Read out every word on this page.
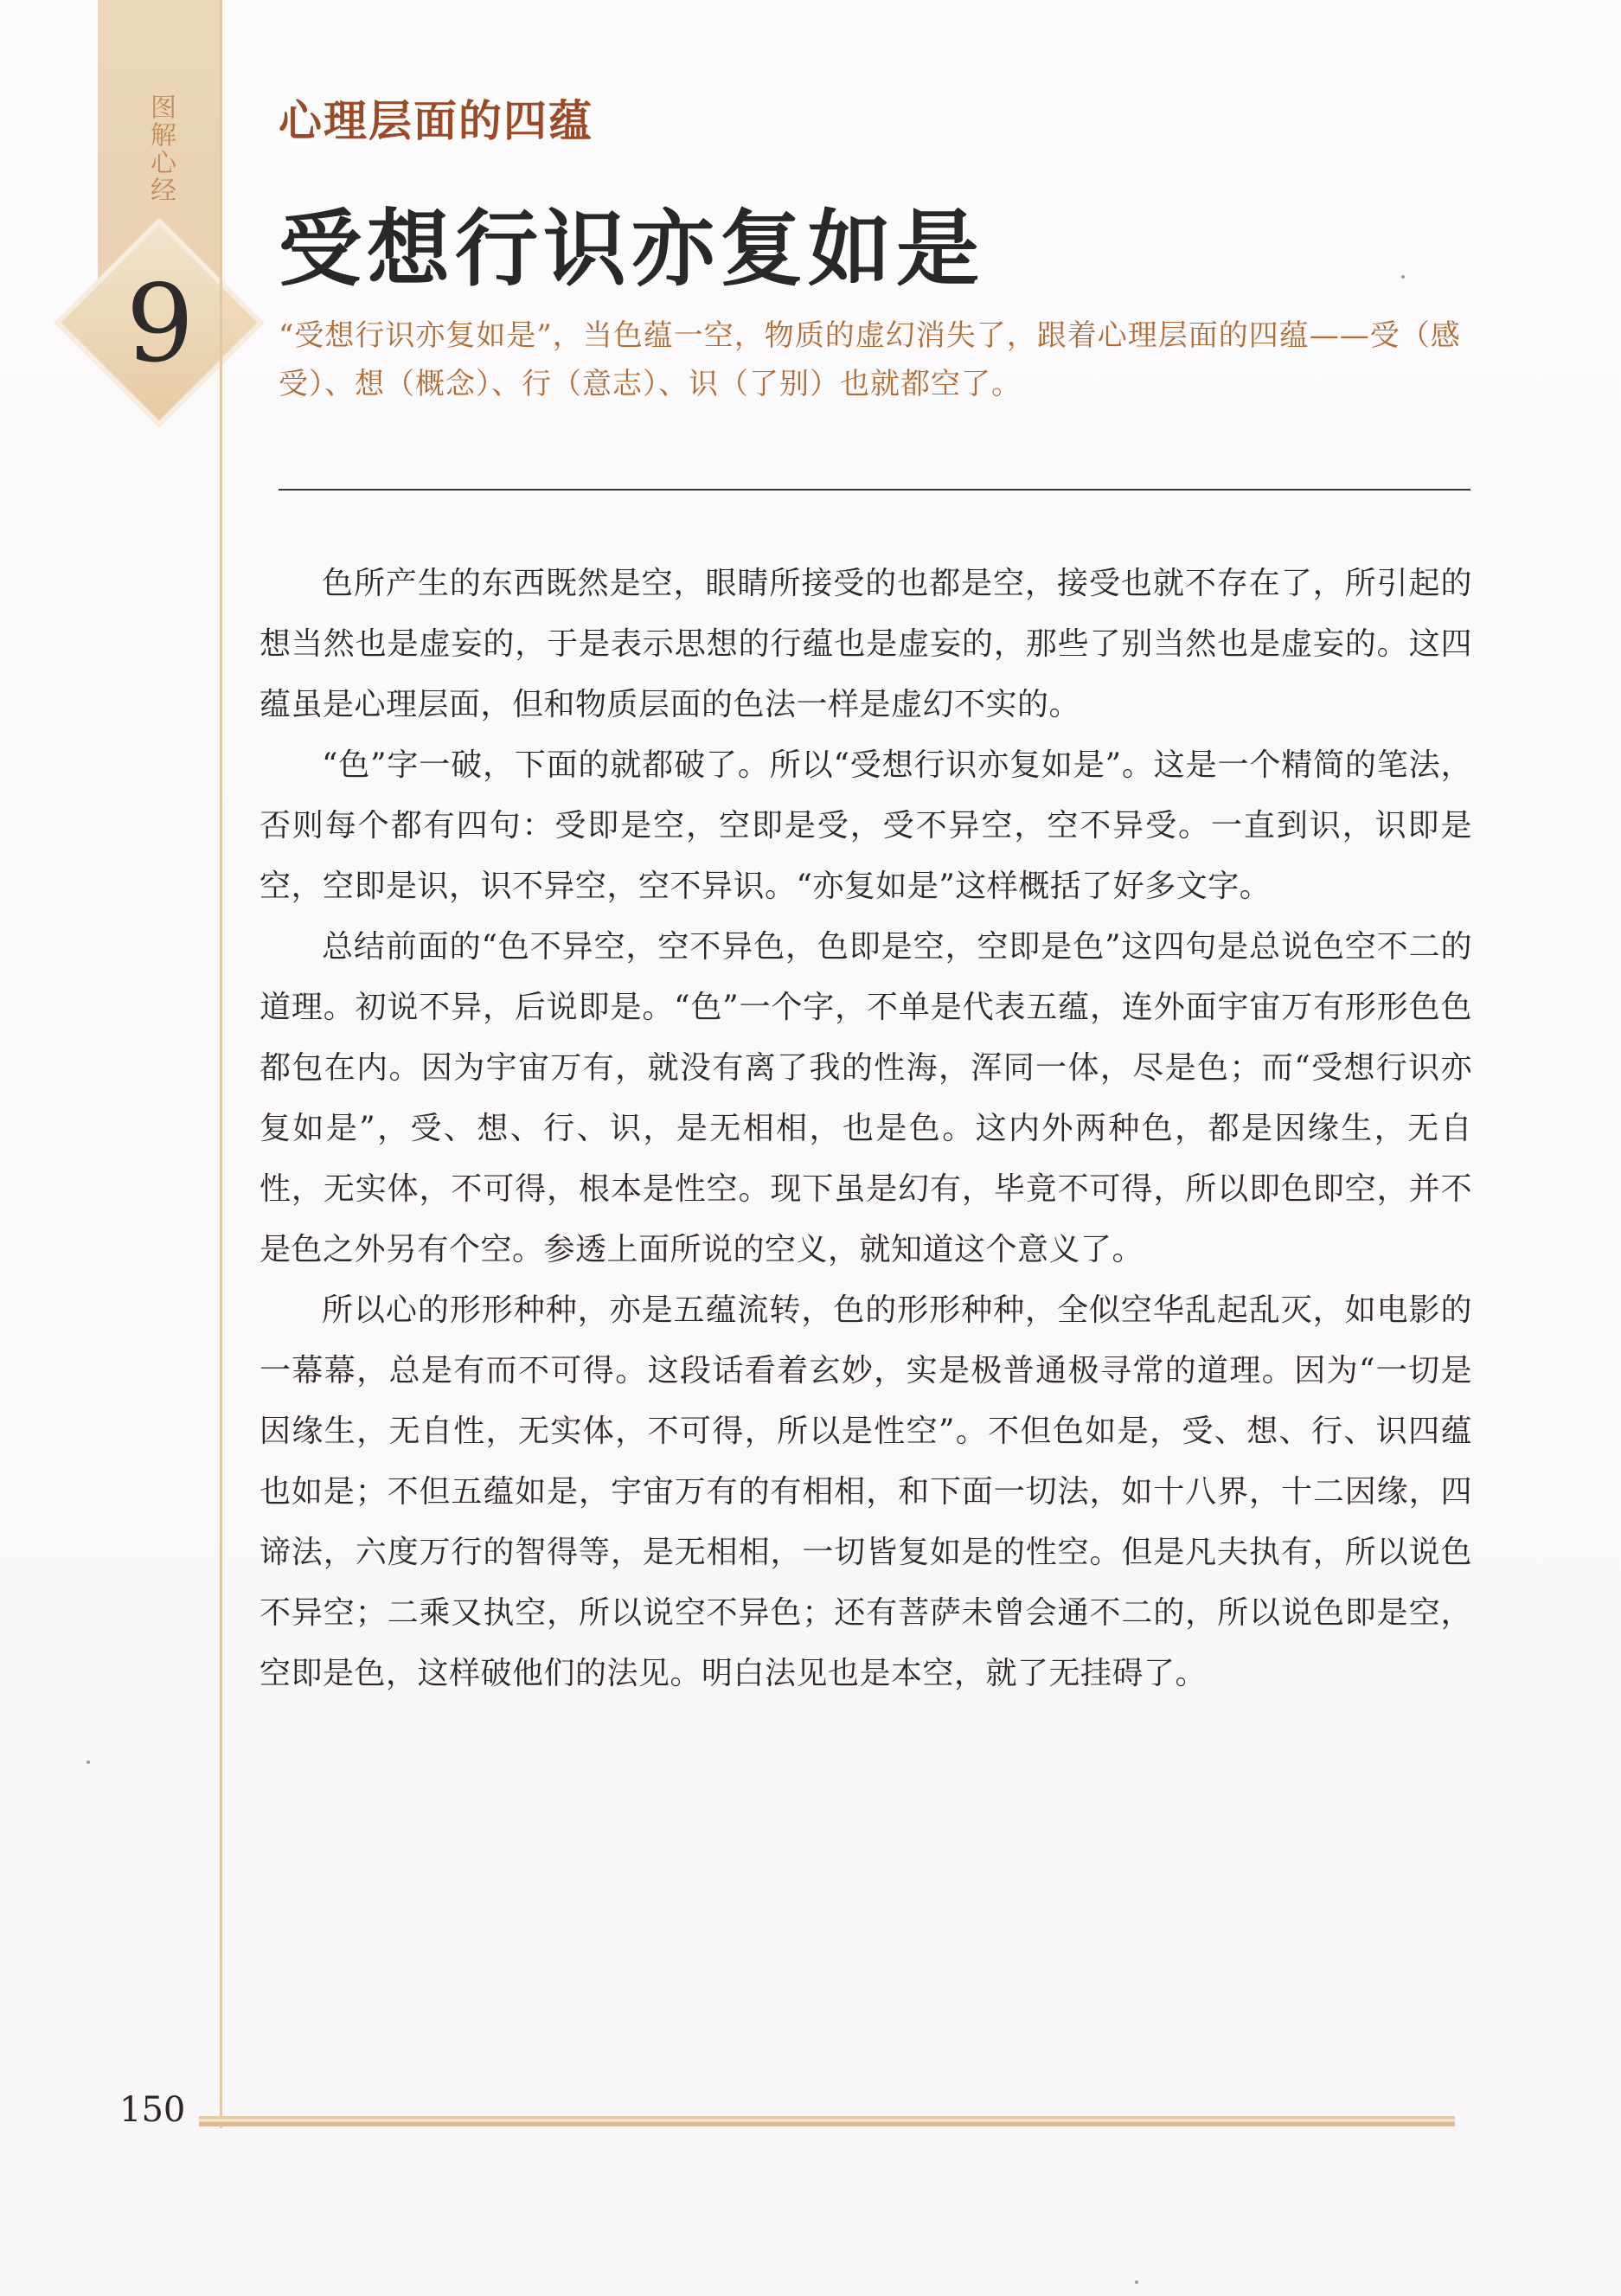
图解心经
9
心理层面的四蕴
受想行识亦复如是
“受想行识亦复如是”，当色蕴一空，物质的虚幻消失了，跟着心理层面的四蕴——受（感受）、想（概念）、行（意志）、识（了别）也就都空了。

色所产生的东西既然是空，眼睛所接受的也都是空，接受也就不存在了，所引起的想当然也是虚妄的，于是表示思想的行蕴也是虚妄的，那些了别当然也是虚妄的。这四蕴虽是心理层面，但和物质层面的色法一样是虚幻不实的。

“色”字一破，下面的就都破了。所以“受想行识亦复如是”。这是一个精简的笔法，否则每个都有四句：受即是空，空即是受，受不异空，空不异受。一直到识，识即是空，空即是识，识不异空，空不异识。“亦复如是”这样概括了好多文字。

总结前面的“色不异空，空不异色，色即是空，空即是色”这四句是总说色空不二的道理。初说不异，后说即是。“色”一个字，不单是代表五蕴，连外面宇宙万有形形色色都包在内。因为宇宙万有，就没有离了我的性海，浑同一体，尽是色；而“受想行识亦复如是”，受、想、行、识，是无相相，也是色。这内外两种色，都是因缘生，无自性，无实体，不可得，根本是性空。现下虽是幻有，毕竟不可得，所以即色即空，并不是色之外另有个空。参透上面所说的空义，就知道这个意义了。

所以心的形形种种，亦是五蕴流转，色的形形种种，全似空华乱起乱灭，如电影的一幕幕，总是有而不可得。这段话看着玄妙，实是极普通极寻常的道理。因为“一切是因缘生，无自性，无实体，不可得，所以是性空”。不但色如是，受、想、行、识四蕴也如是；不但五蕴如是，宇宙万有的有相相，和下面一切法，如十八界，十二因缘，四谛法，六度万行的智得等，是无相相，一切皆复如是的性空。但是凡夫执有，所以说色不异空；二乘又执空，所以说空不异色；还有菩萨未曾会通不二的，所以说色即是空，空即是色，这样破他们的法见。明白法见也是本空，就了无挂碍了。

150
